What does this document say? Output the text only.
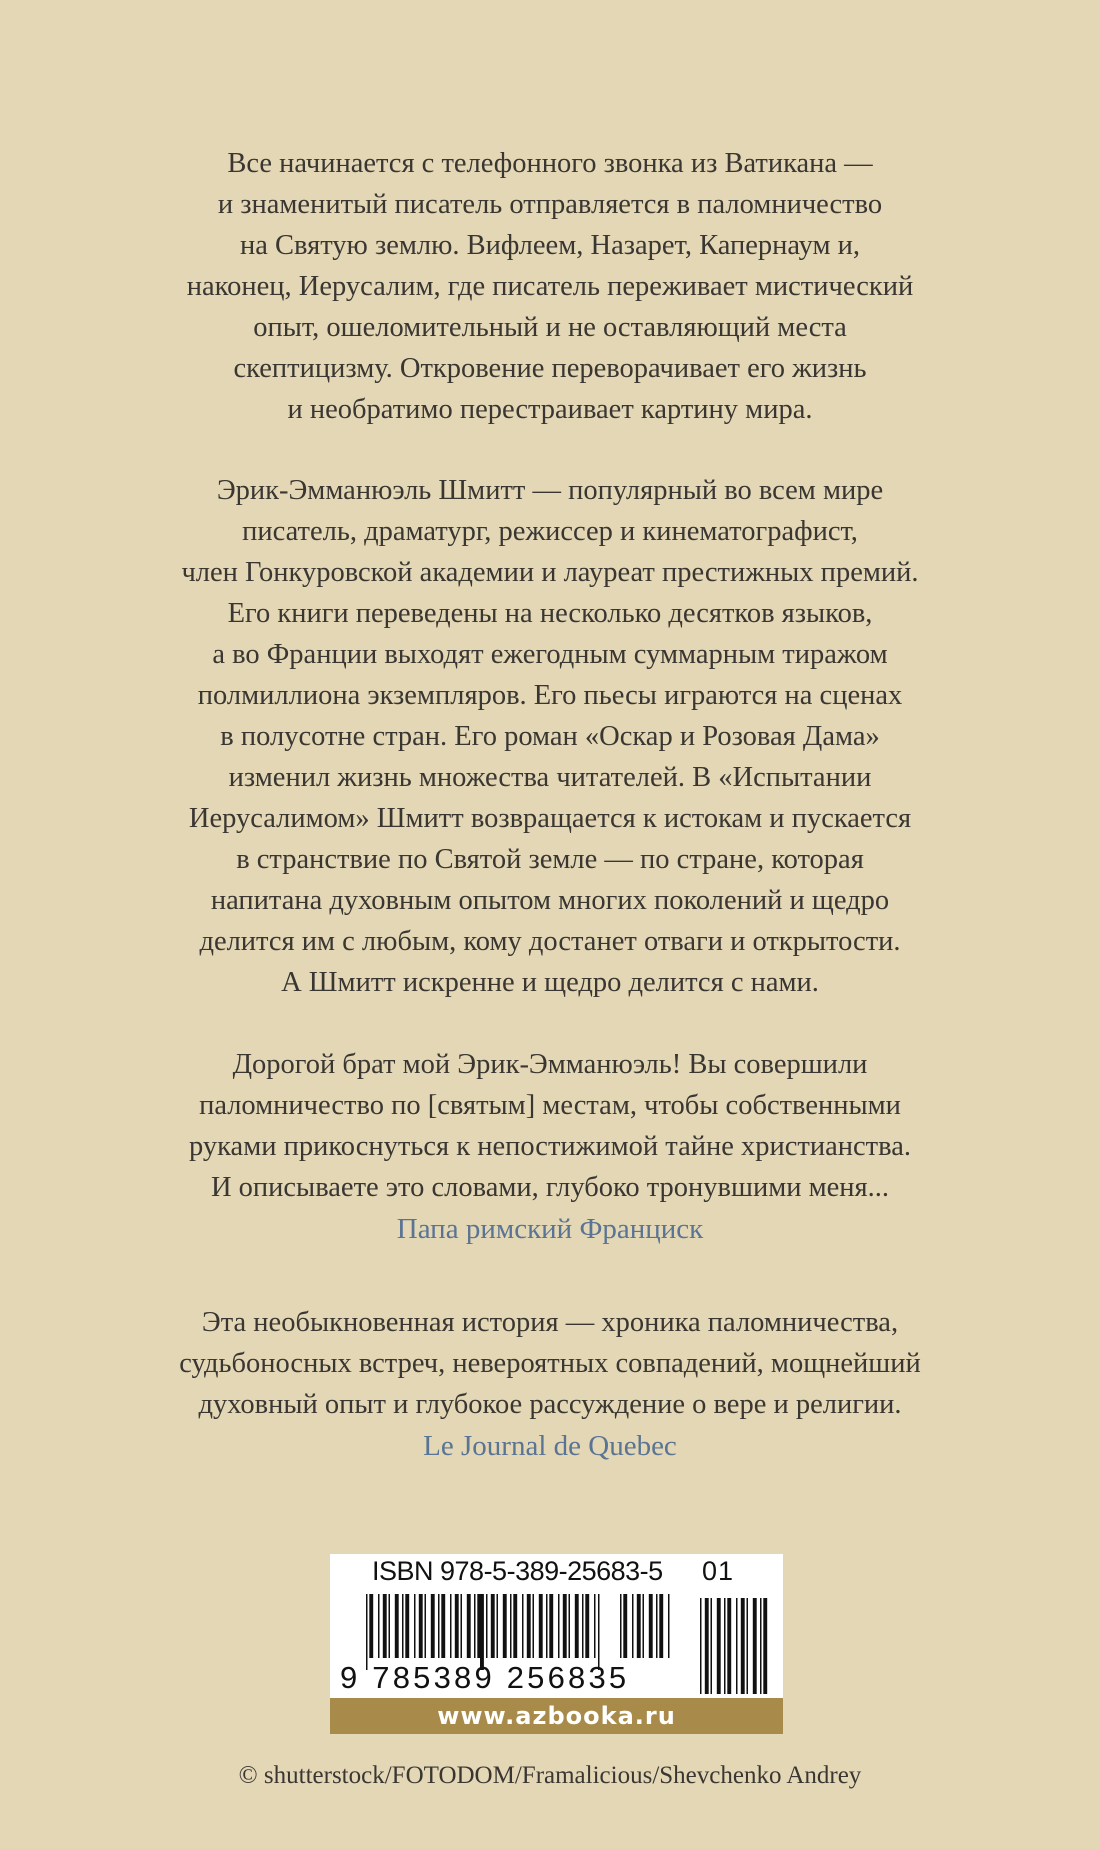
Все начинается с телефонного звонка из Ватикана —
и знаменитый писатель отправляется в паломничество
на Святую землю. Вифлеем, Назарет, Капернаум и,
наконец, Иерусалим, где писатель переживает мистический
опыт, ошеломительный и не оставляющий места
скептицизму. Откровение переворачивает его жизнь
и необратимо перестраивает картину мира.
Эрик-Эмманюэль Шмитт — популярный во всем мире
писатель, драматург, режиссер и кинематографист,
член Гонкуровской академии и лауреат престижных премий.
Его книги переведены на несколько десятков языков,
а во Франции выходят ежегодным суммарным тиражом
полмиллиона экземпляров. Его пьесы играются на сценах
в полусотне стран. Его роман «Оскар и Розовая Дама»
изменил жизнь множества читателей. В «Испытании
Иерусалимом» Шмитт возвращается к истокам и пускается
в странствие по Святой земле — по стране, которая
напитана духовным опытом многих поколений и щедро
делится им с любым, кому достанет отваги и открытости.
А Шмитт искренне и щедро делится с нами.
Дорогой брат мой Эрик-Эмманюэль! Вы совершили
паломничество по [святым] местам, чтобы собственными
руками прикоснуться к непостижимой тайне христианства.
И описываете это словами, глубоко тронувшими меня...
Папа римский Франциск
Эта необыкновенная история — хроника паломничества,
судьбоносных встреч, невероятных совпадений, мощнейший
духовный опыт и глубокое рассуждение о вере и религии.
Le Journal de Quebec
ISBN 978-5-389-25683-5 01
9 785389 256835
www.azbooka.ru
© shutterstock/FOTODOM/Framalicious/Shevchenko Andrey
